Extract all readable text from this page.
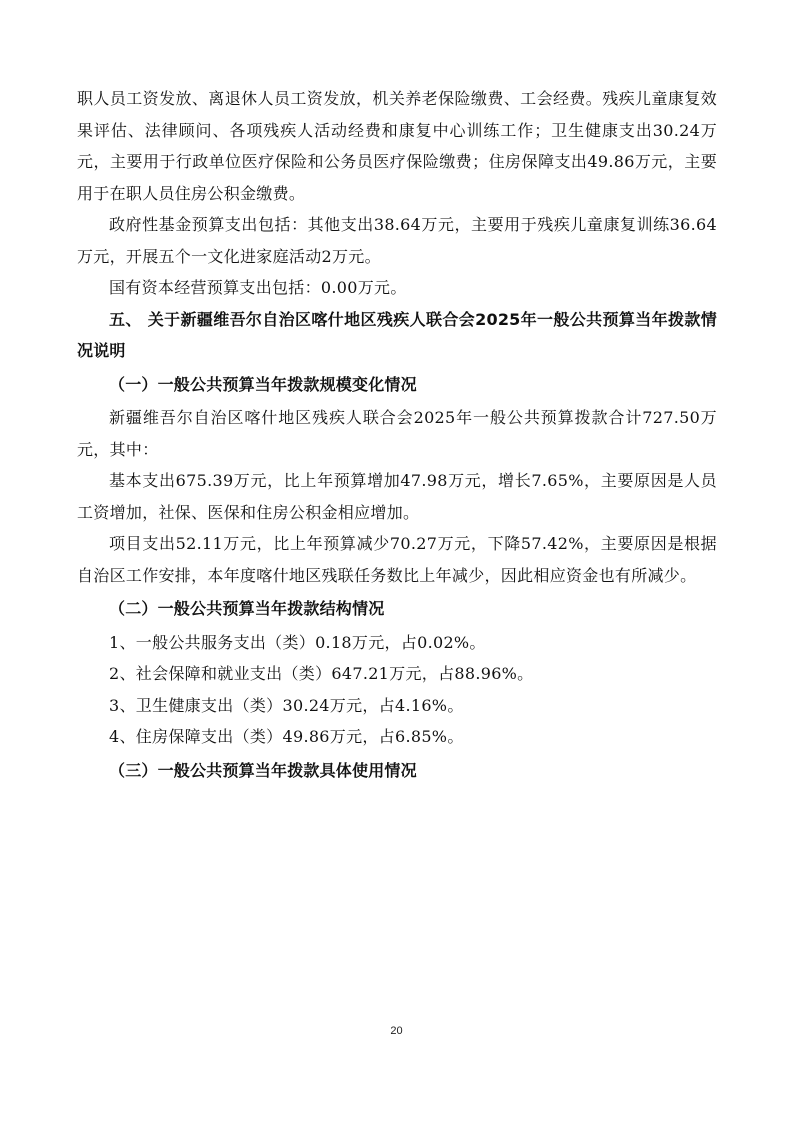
职人员工资发放、离退休人员工资发放，机关养老保险缴费、工会经费。残疾儿童康复效果评估、法律顾问、各项残疾人活动经费和康复中心训练工作；卫生健康支出30.24万元，主要用于行政单位医疗保险和公务员医疗保险缴费；住房保障支出49.86万元，主要用于在职人员住房公积金缴费。

政府性基金预算支出包括：其他支出38.64万元，主要用于残疾儿童康复训练36.64万元，开展五个一文化进家庭活动2万元。

国有资本经营预算支出包括：0.00万元。

五、 关于新疆维吾尔自治区喀什地区残疾人联合会2025年一般公共预算当年拨款情况说明

（一）一般公共预算当年拨款规模变化情况

新疆维吾尔自治区喀什地区残疾人联合会2025年一般公共预算拨款合计727.50万元，其中：

基本支出675.39万元，比上年预算增加47.98万元，增长7.65%，主要原因是人员工资增加，社保、医保和住房公积金相应增加。

项目支出52.11万元，比上年预算减少70.27万元，下降57.42%，主要原因是根据自治区工作安排，本年度喀什地区残联任务数比上年减少，因此相应资金也有所减少。

（二）一般公共预算当年拨款结构情况

1、一般公共服务支出（类）0.18万元，占0.02%。

2、社会保障和就业支出（类）647.21万元，占88.96%。

3、卫生健康支出（类）30.24万元，占4.16%。

4、住房保障支出（类）49.86万元，占6.85%。

（三）一般公共预算当年拨款具体使用情况

20
